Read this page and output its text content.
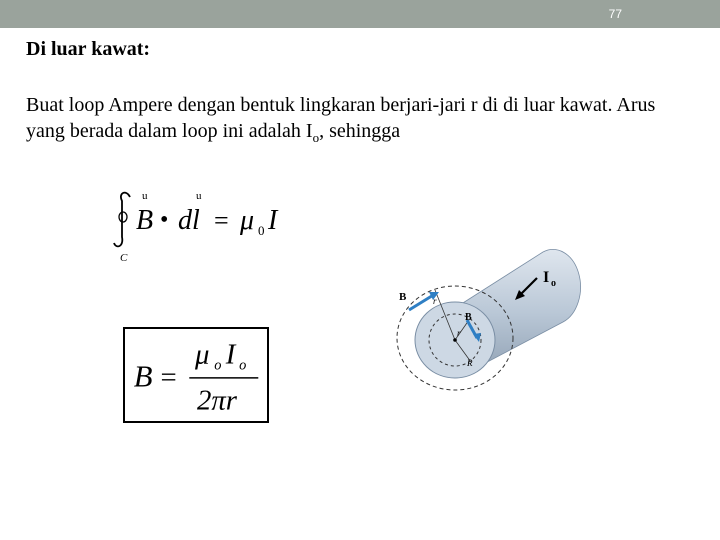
77
Di luar kawat:
Buat loop Ampere dengan bentuk lingkaran berjari-jari r di di luar kawat. Arus yang berada dalam loop ini adalah $I_o$, sehingga
C
u
B •
u
dl = μ 0 I
B =
μ o I o
2πr
I o
B	r
B
r
R
